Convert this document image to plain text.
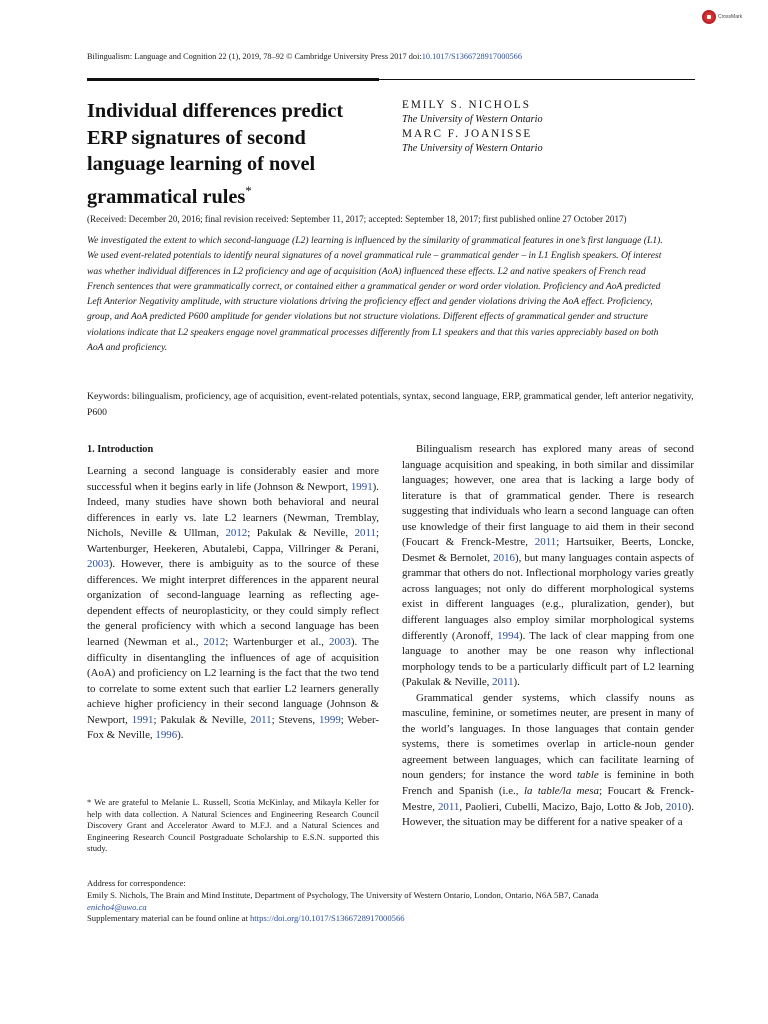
CrossMark
Bilingualism: Language and Cognition 22 (1), 2019, 78–92 © Cambridge University Press 2017 doi:10.1017/S1366728917000566
Individual differences predict ERP signatures of second language learning of novel grammatical rules*
EMILY S. NICHOLS
The University of Western Ontario
MARC F. JOANISSE
The University of Western Ontario
(Received: December 20, 2016; final revision received: September 11, 2017; accepted: September 18, 2017; first published online 27 October 2017)

We investigated the extent to which second-language (L2) learning is influenced by the similarity of grammatical features in one’s first language (L1). We used event-related potentials to identify neural signatures of a novel grammatical rule – grammatical gender – in L1 English speakers. Of interest was whether individual differences in L2 proficiency and age of acquisition (AoA) influenced these effects. L2 and native speakers of French read French sentences that were grammatically correct, or contained either a grammatical gender or word order violation. Proficiency and AoA predicted Left Anterior Negativity amplitude, with structure violations driving the proficiency effect and gender violations driving the AoA effect. Proficiency, group, and AoA predicted P600 amplitude for gender violations but not structure violations. Different effects of grammatical gender and structure violations indicate that L2 speakers engage novel grammatical processes differently from L1 speakers and that this varies appreciably based on both AoA and proficiency.

Keywords: bilingualism, proficiency, age of acquisition, event-related potentials, syntax, second language, ERP, grammatical gender, left anterior negativity, P600

1. Introduction

Learning a second language is considerably easier and more successful when it begins early in life (Johnson & Newport, 1991). Indeed, many studies have shown both behavioral and neural differences in early vs. late L2 learners (Newman, Tremblay, Nichols, Neville & Ullman, 2012; Pakulak & Neville, 2011; Wartenburger, Heekeren, Abutalebi, Cappa, Villringer & Perani, 2003). However, there is ambiguity as to the source of these differences. We might interpret differences in the apparent neural organization of second-language learning as reflecting age-dependent effects of neuroplasticity, or they could simply reflect the general proficiency with which a second language has been learned (Newman et al., 2012; Wartenburger et al., 2003). The difficulty in disentangling the influences of age of acquisition (AoA) and proficiency on L2 learning is the fact that the two tend to correlate to some extent such that earlier L2 learners generally achieve higher proficiency in their second language (Johnson & Newport, 1991; Pakulak & Neville, 2011; Stevens, 1999; Weber-Fox & Neville, 1996).

Bilingualism research has explored many areas of second language acquisition and speaking, in both similar and dissimilar languages; however, one area that is lacking a large body of literature is that of grammatical gender. There is research suggesting that individuals who learn a second language can often use knowledge of their first language to aid them in their second (Foucart & Frenck-Mestre, 2011; Hartsuiker, Beerts, Loncke, Desmet & Bernolet, 2016), but many languages contain aspects of grammar that others do not. Inflectional morphology varies greatly across languages; not only do different morphological systems exist in different languages (e.g., pluralization, gender), but different languages also employ similar morphological systems differently (Aronoff, 1994). The lack of clear mapping from one language to another may be one reason why inflectional morphology tends to be a particularly difficult part of L2 learning (Pakulak & Neville, 2011).

Grammatical gender systems, which classify nouns as masculine, feminine, or sometimes neuter, are present in many of the world’s languages. In those languages that contain gender systems, there is sometimes overlap in article-noun gender agreement between languages, which can facilitate learning of noun genders; for instance the word table is feminine in both French and Spanish (i.e., la table/la mesa; Foucart & Frenck-Mestre, 2011, Paolieri, Cubelli, Macizo, Bajo, Lotto & Job, 2010). However, the situation may be different for a native speaker of a

* We are grateful to Melanie L. Russell, Scotia McKinlay, and Mikayla Keller for help with data collection. A Natural Sciences and Engineering Research Council Discovery Grant and Accelerator Award to M.F.J. and a Natural Sciences and Engineering Research Council Postgraduate Scholarship to E.S.N. supported this study.

Address for correspondence:
Emily S. Nichols, The Brain and Mind Institute, Department of Psychology, The University of Western Ontario, London, Ontario, N6A 5B7, Canada
enicho4@uwo.ca
Supplementary material can be found online at https://doi.org/10.1017/S1366728917000566
